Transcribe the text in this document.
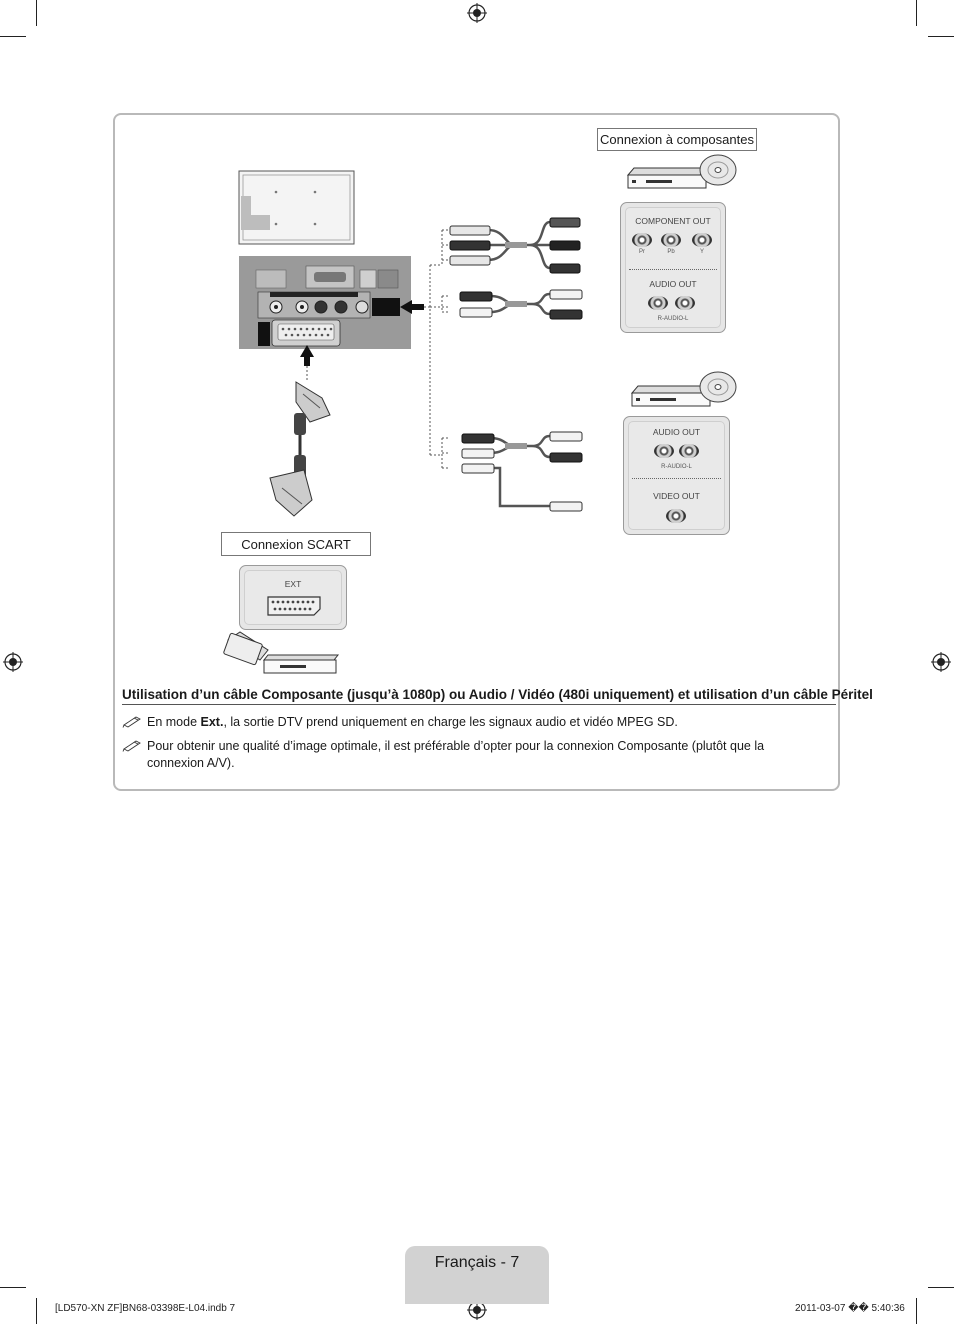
Connexion à composantes
COMPONENT OUT
Pr	Pb	Y
AUDIO OUT
R-AUDIO-L
AUDIO OUT
R-AUDIO-L
VIDEO OUT
Connexion SCART
EXT
Utilisation d’un câble Composante (jusqu’à 1080p) ou Audio / Vidéo (480i uniquement) et utilisation d’un câble Péritel
En mode Ext., la sortie DTV prend uniquement en charge les signaux audio et vidéo MPEG SD.
Pour obtenir une qualité d’image optimale, il est préférable d’opter pour la connexion Composante (plutôt que la connexion A/V).
Français - 7
[LD570-XN ZF]BN68-03398E-L04.indb 7	2011-03-07 �� 5:40:36
